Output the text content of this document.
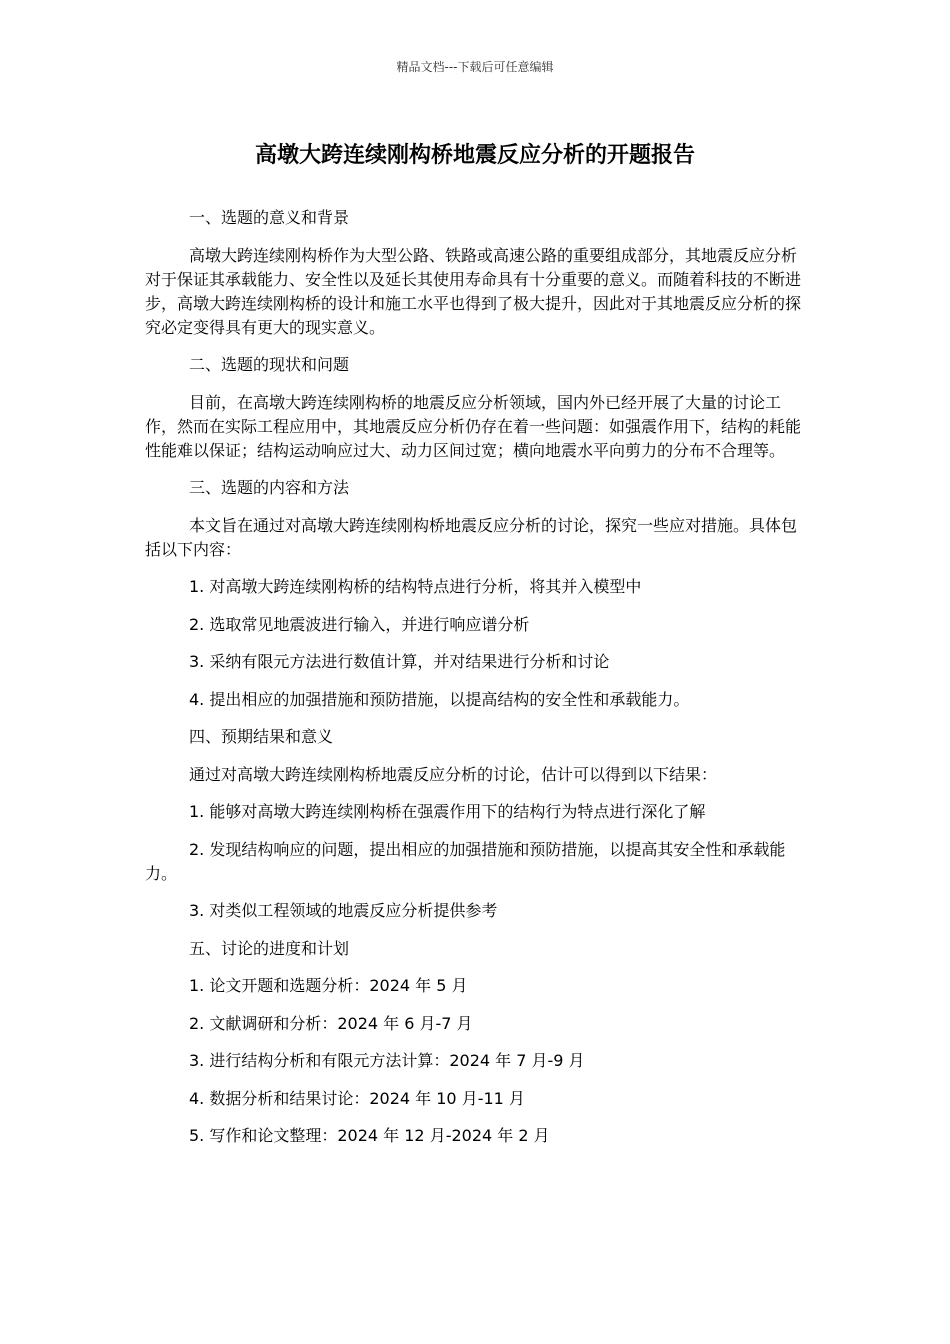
精品文档---下载后可任意编辑
高墩大跨连续刚构桥地震反应分析的开题报告

一、选题的意义和背景

高墩大跨连续刚构桥作为大型公路、铁路或高速公路的重要组成部分，其地震反应分析对于保证其承载能力、安全性以及延长其使用寿命具有十分重要的意义。而随着科技的不断进步，高墩大跨连续刚构桥的设计和施工水平也得到了极大提升，因此对于其地震反应分析的探究必定变得具有更大的现实意义。

二、选题的现状和问题

目前，在高墩大跨连续刚构桥的地震反应分析领域，国内外已经开展了大量的讨论工作，然而在实际工程应用中，其地震反应分析仍存在着一些问题：如强震作用下，结构的耗能性能难以保证；结构运动响应过大、动力区间过宽；横向地震水平向剪力的分布不合理等。

三、选题的内容和方法

本文旨在通过对高墩大跨连续刚构桥地震反应分析的讨论，探究一些应对措施。具体包括以下内容：

1. 对高墩大跨连续刚构桥的结构特点进行分析，将其并入模型中

2. 选取常见地震波进行输入，并进行响应谱分析

3. 采纳有限元方法进行数值计算，并对结果进行分析和讨论

4. 提出相应的加强措施和预防措施，以提高结构的安全性和承载能力。

四、预期结果和意义

通过对高墩大跨连续刚构桥地震反应分析的讨论，估计可以得到以下结果：

1. 能够对高墩大跨连续刚构桥在强震作用下的结构行为特点进行深化了解

2. 发现结构响应的问题，提出相应的加强措施和预防措施，以提高其安全性和承载能力。

3. 对类似工程领域的地震反应分析提供参考

五、讨论的进度和计划

1. 论文开题和选题分析：2024 年 5 月

2. 文献调研和分析：2024 年 6 月-7 月

3. 进行结构分析和有限元方法计算：2024 年 7 月-9 月

4. 数据分析和结果讨论：2024 年 10 月-11 月

5. 写作和论文整理：2024 年 12 月-2024 年 2 月
